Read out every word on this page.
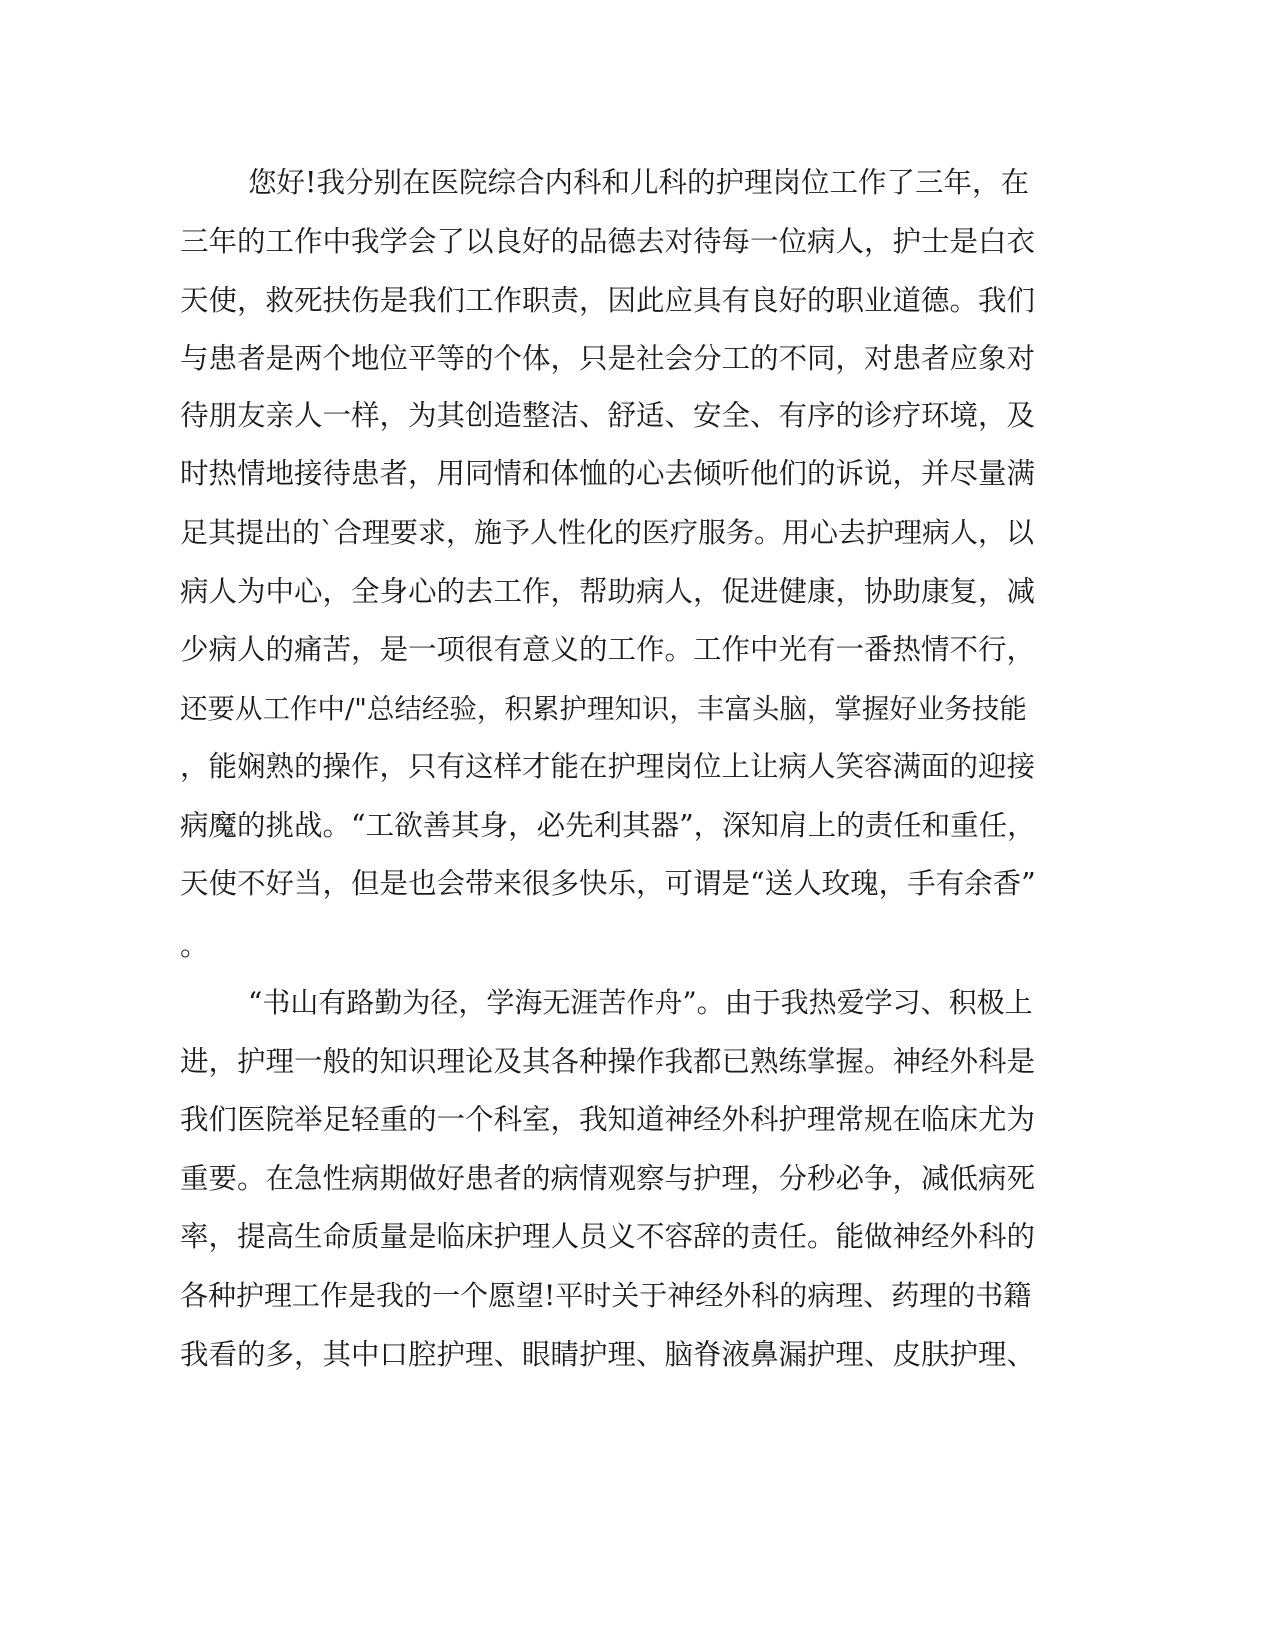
您好!我分别在医院综合内科和儿科的护理岗位工作了三年，在
三年的工作中我学会了以良好的品德去对待每一位病人，护士是白衣
天使，救死扶伤是我们工作职责，因此应具有良好的职业道德。我们
与患者是两个地位平等的个体，只是社会分工的不同，对患者应象对
待朋友亲人一样，为其创造整洁、舒适、安全、有序的诊疗环境，及
时热情地接待患者，用同情和体恤的心去倾听他们的诉说，并尽量满
足其提出的`合理要求，施予人性化的医疗服务。用心去护理病人，以
病人为中心，全身心的去工作，帮助病人，促进健康，协助康复，减
少病人的痛苦，是一项很有意义的工作。工作中光有一番热情不行，
还要从工作中/"总结经验，积累护理知识，丰富头脑，掌握好业务技能
，能娴熟的操作，只有这样才能在护理岗位上让病人笑容满面的迎接
病魔的挑战。“工欲善其身，必先利其器”，深知肩上的责任和重任，
天使不好当，但是也会带来很多快乐，可谓是“送人玫瑰，手有余香”
。
“书山有路勤为径，学海无涯苦作舟”。由于我热爱学习、积极上
进，护理一般的知识理论及其各种操作我都已熟练掌握。神经外科是
我们医院举足轻重的一个科室，我知道神经外科护理常规在临床尤为
重要。在急性病期做好患者的病情观察与护理，分秒必争，减低病死
率，提高生命质量是临床护理人员义不容辞的责任。能做神经外科的
各种护理工作是我的一个愿望!平时关于神经外科的病理、药理的书籍
我看的多，其中口腔护理、眼睛护理、脑脊液鼻漏护理、皮肤护理、
